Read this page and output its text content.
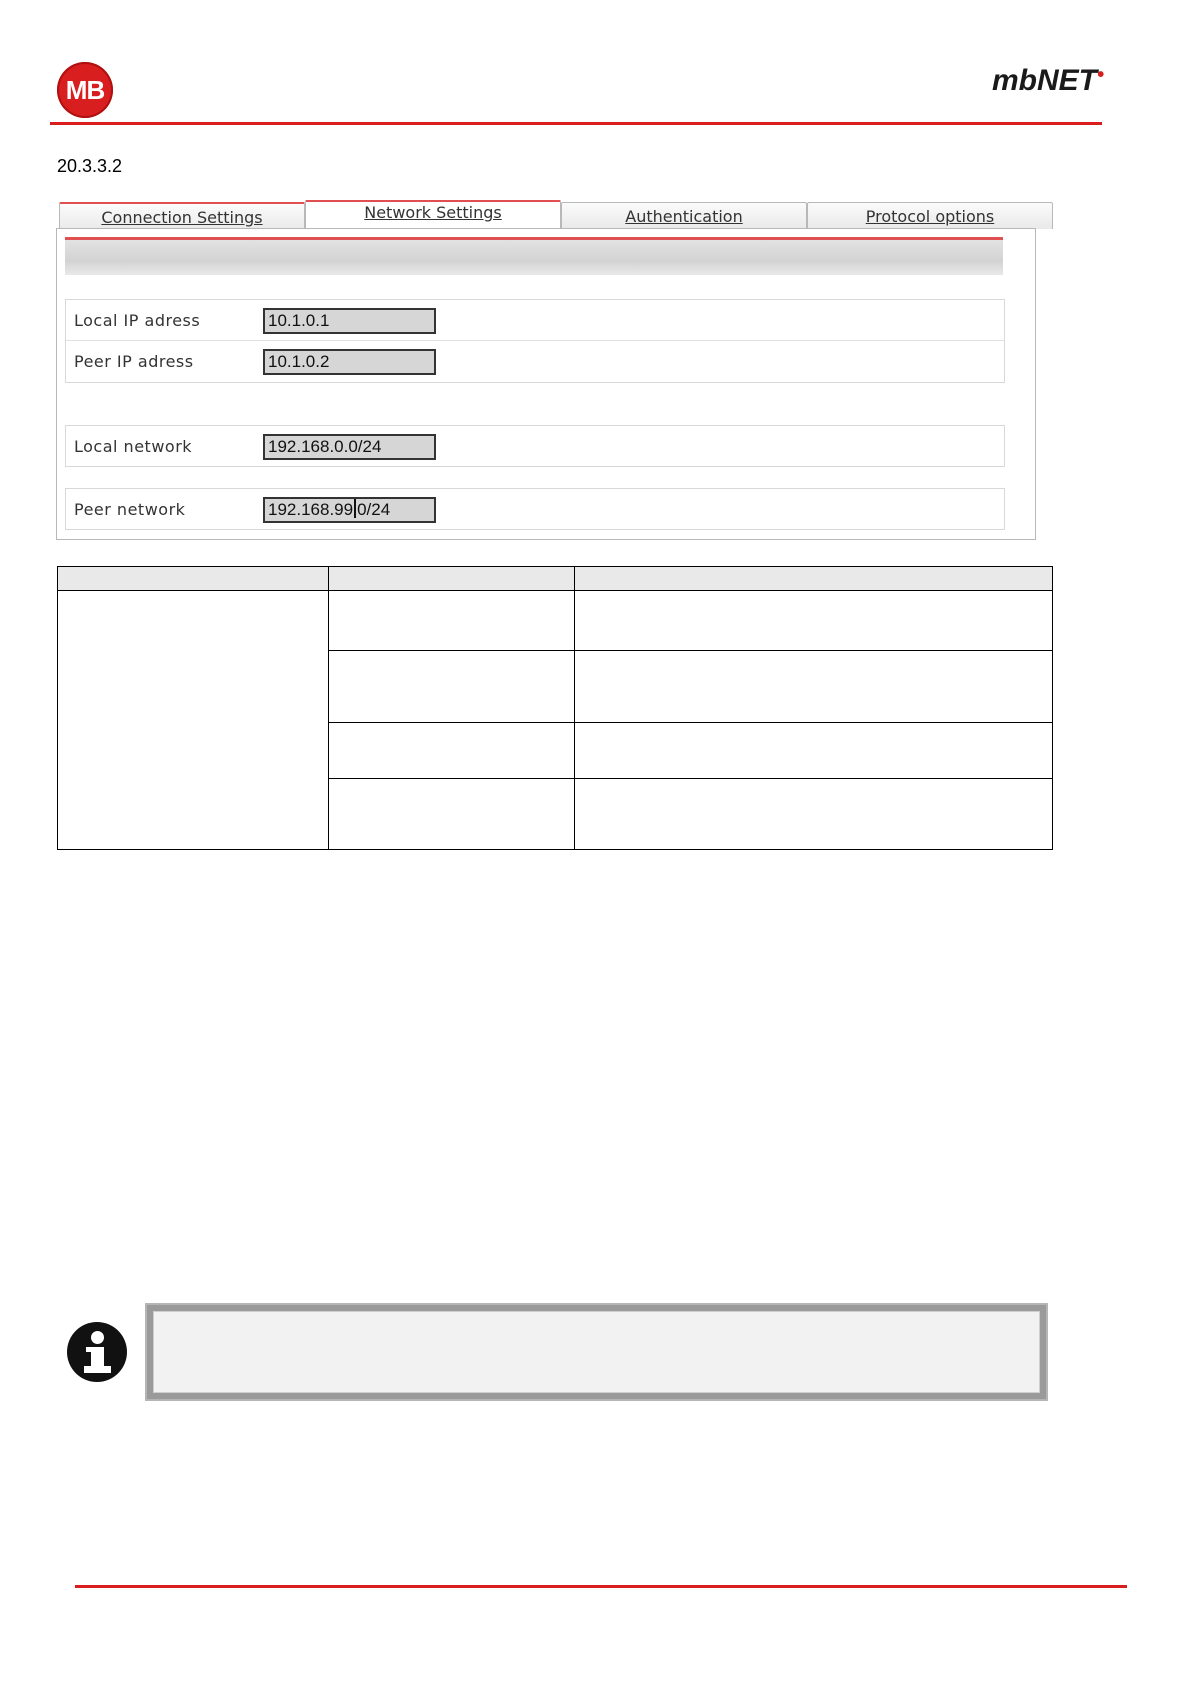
MB	mbNET•
20.3.3.2
Connection Settings	Network Settings	Authentication	Protocol options
Local IP adress	10.1.0.1
Peer IP adress	10.1.0.2
Local network	192.168.0.0/24
Peer network	192.168.99 0/24
